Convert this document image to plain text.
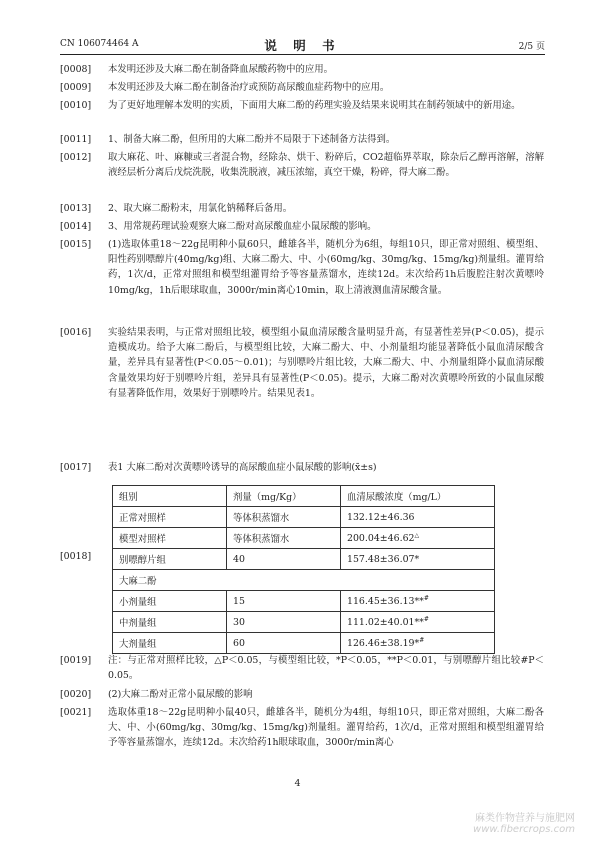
CN 106074464 A	说 明 书	2/5 页
[0008] 本发明还涉及大麻二酚在制备降血尿酸药物中的应用。
[0009] 本发明还涉及大麻二酚在制备治疗或预防高尿酸血症药物中的应用。
[0010] 为了更好地理解本发明的实质，下面用大麻二酚的药理实验及结果来说明其在制药领域中的新用途。
[0011] 1、制备大麻二酚，但所用的大麻二酚并不局限于下述制备方法得到。
[0012] 取大麻花、叶、麻糠或三者混合物，经除杂、烘干、粉碎后，CO2超临界萃取，除杂后乙醇再溶解，溶解液经层析分离后戊烷洗脱，收集洗脱液，减压浓缩，真空干燥，粉碎，得大麻二酚。
[0013] 2、取大麻二酚粉末，用氯化钠稀释后备用。
[0014] 3、用常规药理试验观察大麻二酚对高尿酸血症小鼠尿酸的影响。
[0015] (1)选取体重18～22g昆明种小鼠60只，雌雄各半，随机分为6组，每组10只，即正常对照组、模型组、阳性药别嘌醇片(40mg/kg)组、大麻二酚大、中、小(60mg/kg、30mg/kg、15mg/kg)剂量组。灌胃给药，1次/d，正常对照组和模型组灌胃给予等容量蒸馏水，连续12d。末次给药1h后腹腔注射次黄嘌呤10mg/kg，1h后眼球取血，3000r/min离心10min，取上清液测血清尿酸含量。
[0016] 实验结果表明，与正常对照组比较，模型组小鼠血清尿酸含量明显升高，有显著性差异(P＜0.05)，提示造模成功。给予大麻二酚后，与模型组比较，大麻二酚大、中、小剂量组均能显著降低小鼠血清尿酸含量，差异具有显著性(P＜0.05～0.01)；与别嘌呤片组比较，大麻二酚大、中、小剂量组降小鼠血清尿酸含量效果均好于别嘌呤片组，差异具有显著性(P＜0.05)。提示，大麻二酚对次黄嘌呤所致的小鼠血尿酸有显著降低作用，效果好于别嘌呤片。结果见表1。
[0017] 表1 大麻二酚对次黄嘌呤诱导的高尿酸血症小鼠尿酸的影响(x̄±s)
[0018]
组别	剂量（mg/Kg）	血清尿酸浓度（mg/L）
正常对照样	等体积蒸馏水	132.12±46.36
模型对照样	等体积蒸馏水	200.04±46.62△
别嘌醇片组	40	157.48±36.07*
大麻二酚		
小剂量组	15	116.45±36.13**#
中剂量组	30	111.02±40.01**#
大剂量组	60	126.46±38.19*#
[0019] 注：与正常对照样比较，△P＜0.05，与模型组比较，*P＜0.05，**P＜0.01，与别嘌醇片组比较#P＜0.05。
[0020] (2)大麻二酚对正常小鼠尿酸的影响
[0021] 选取体重18～22g昆明种小鼠40只，雌雄各半，随机分为4组，每组10只，即正常对照组，大麻二酚各大、中、小(60mg/kg、30mg/kg、15mg/kg)剂量组。灌胃给药，1次/d，正常对照组和模型组灌胃给予等容量蒸馏水，连续12d。末次给药1h眼球取血，3000r/min离心
4
麻类作物营养与施肥网
www.fibercrops.com
